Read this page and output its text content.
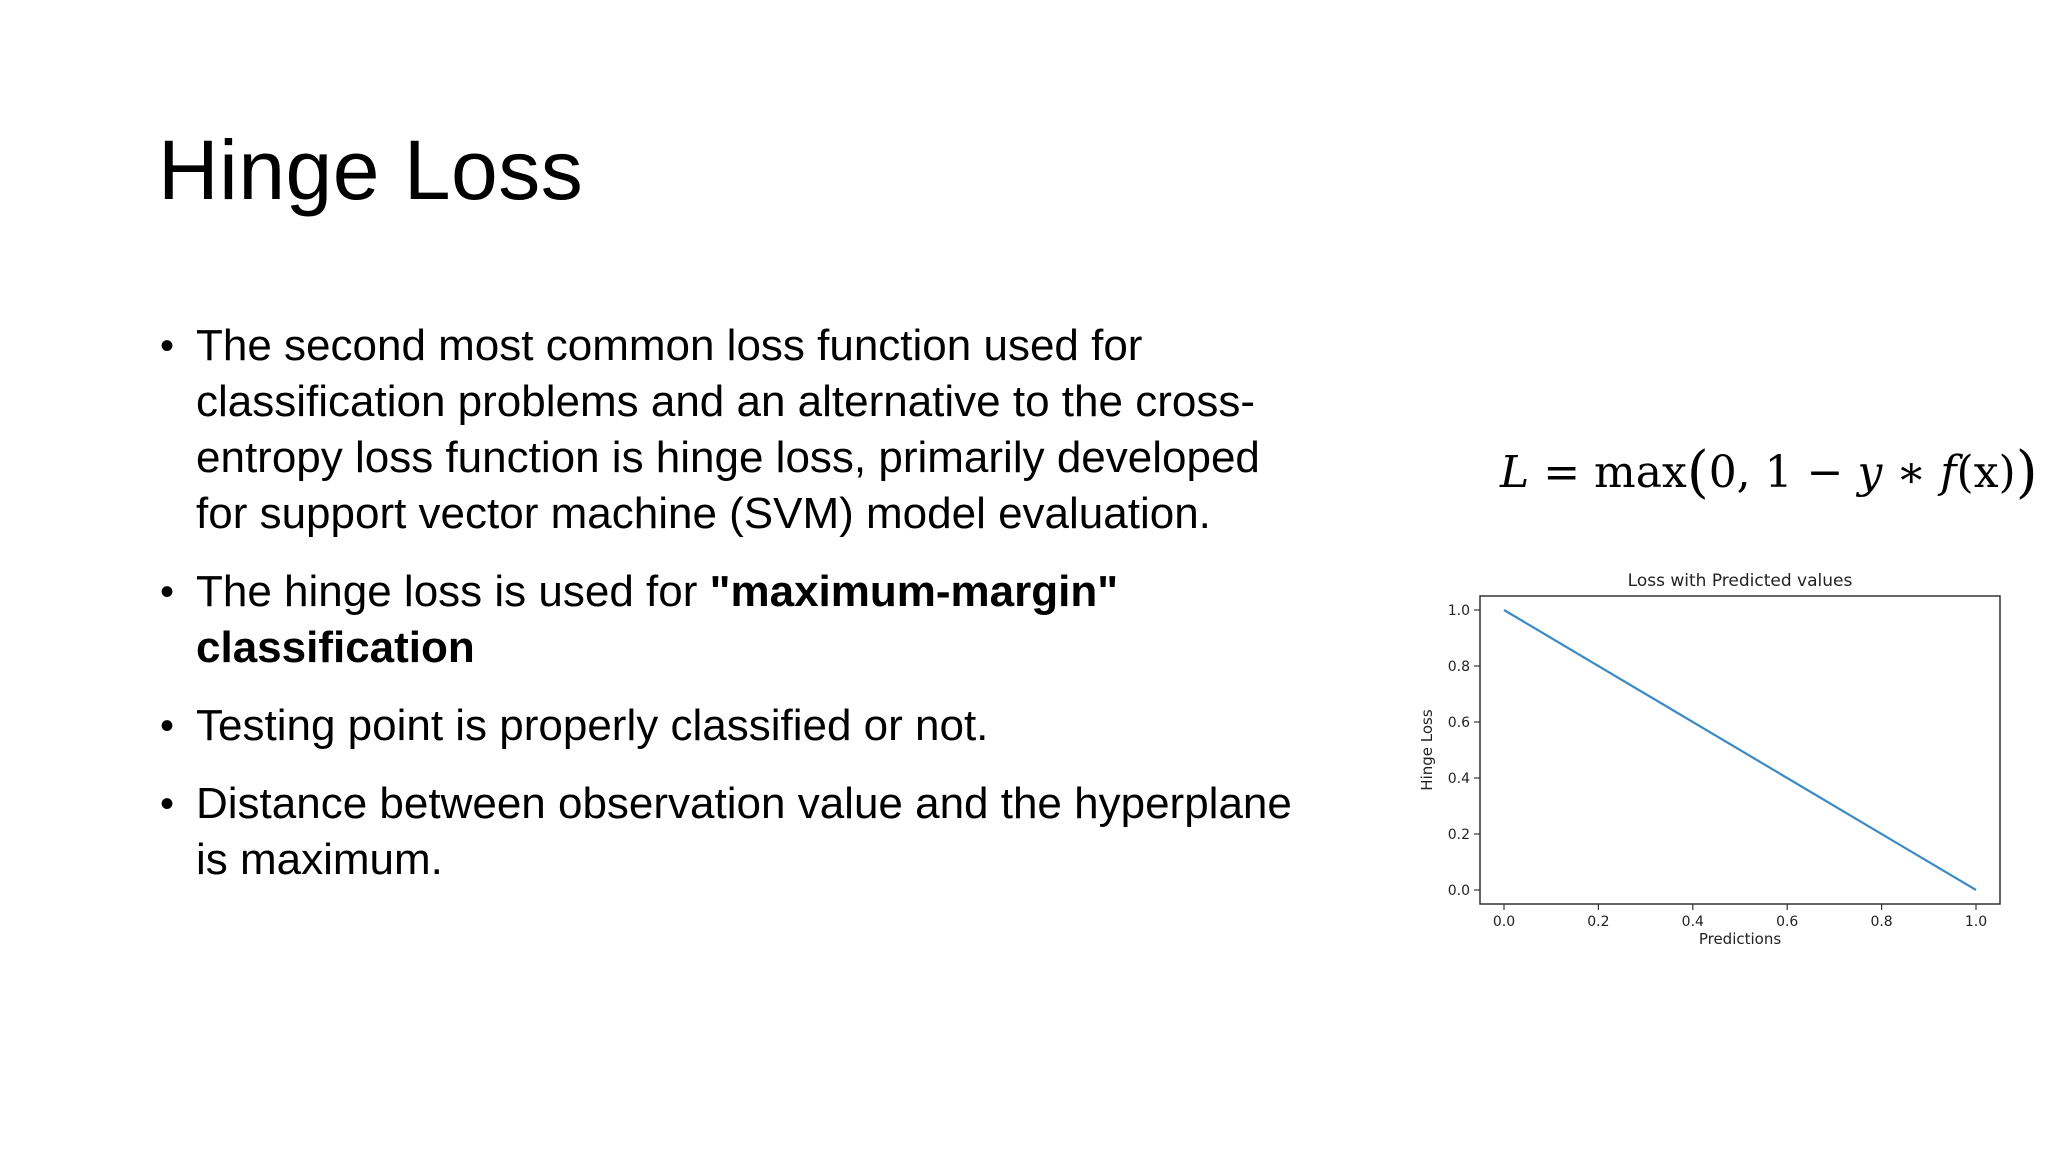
Hinge Loss
• The second most common loss function used for classification problems and an alternative to the cross-entropy loss function is hinge loss, primarily developed for support vector machine (SVM) model evaluation.
• The hinge loss is used for "maximum-margin" classification
• Testing point is properly classified or not.
• Distance between observation value and the hyperplane is maximum.
L = max(0, 1 − y ∗ f(x))
Loss with Predicted values
0.0	0.2	0.4	0.6	0.8	1.0
0.0
0.2
0.4
0.6
0.8
1.0
Predictions
Hinge Loss
